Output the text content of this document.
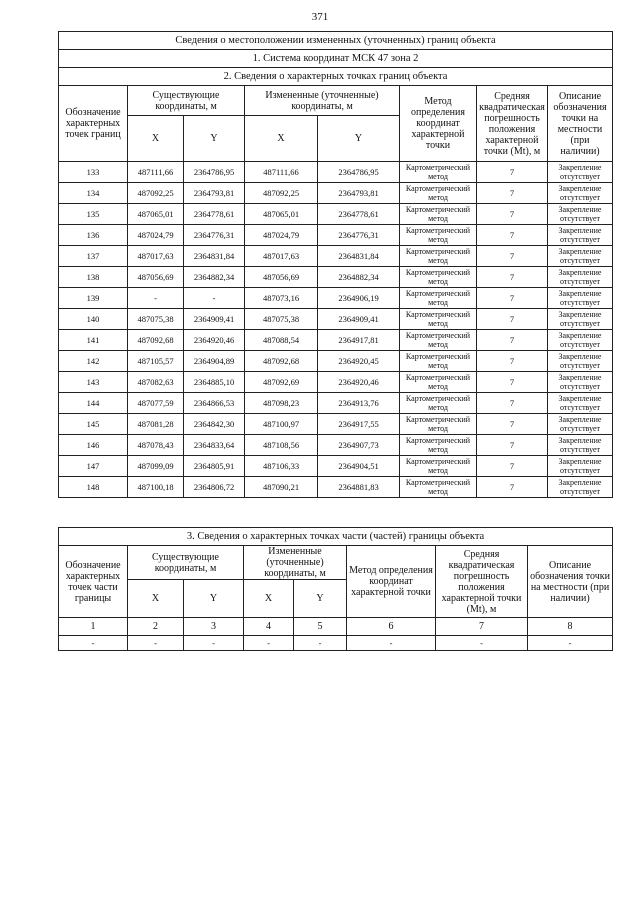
371
Сведения о местоположении измененных (уточненных) границ объекта							
1. Система координат МСК 47 зона 2							
2. Сведения о характерных точках границ объекта							
Обозначение характерных точек границ	Существующие координаты, м		Измененные (уточненные) координаты, м		Метод определения координат характерной точки	Средняя квадратическая погрешность положения характерной точки (Mt), м	Описание обозначения точки на местности (при наличии)
	X	Y	X	Y			
133	487111,66	2364786,95	487111,66	2364786,95	Картометрический метод	7	Закрепление отсутствует
134	487092,25	2364793,81	487092,25	2364793,81	Картометрический метод	7	Закрепление отсутствует
135	487065,01	2364778,61	487065,01	2364778,61	Картометрический метод	7	Закрепление отсутствует
136	487024,79	2364776,31	487024,79	2364776,31	Картометрический метод	7	Закрепление отсутствует
137	487017,63	2364831,84	487017,63	2364831,84	Картометрический метод	7	Закрепление отсутствует
138	487056,69	2364882,34	487056,69	2364882,34	Картометрический метод	7	Закрепление отсутствует
139	-	-	487073,16	2364906,19	Картометрический метод	7	Закрепление отсутствует
140	487075,38	2364909,41	487075,38	2364909,41	Картометрический метод	7	Закрепление отсутствует
141	487092,68	2364920,46	487088,54	2364917,81	Картометрический метод	7	Закрепление отсутствует
142	487105,57	2364904,89	487092,68	2364920,45	Картометрический метод	7	Закрепление отсутствует
143	487082,63	2364885,10	487092,69	2364920,46	Картометрический метод	7	Закрепление отсутствует
144	487077,59	2364866,53	487098,23	2364913,76	Картометрический метод	7	Закрепление отсутствует
145	487081,28	2364842,30	487100,97	2364917,55	Картометрический метод	7	Закрепление отсутствует
146	487078,43	2364833,64	487108,56	2364907,73	Картометрический метод	7	Закрепление отсутствует
147	487099,09	2364805,91	487106,33	2364904,51	Картометрический метод	7	Закрепление отсутствует
148	487100,18	2364806,72	487090,21	2364881,83	Картометрический метод	7	Закрепление отсутствует
3. Сведения о характерных точках части (частей) границы объекта							
Обозначение характерных точек части границы	Существующие координаты, м		Измененные (уточненные) координаты, м		Метод определения координат характерной точки	Средняя квадратическая погрешность положения характерной точки (Mt), м	Описание обозначения точки на местности (при наличии)
	X	Y	X	Y			
1	2	3	4	5	6	7	8
-	-	-	-	-	-	-	-
